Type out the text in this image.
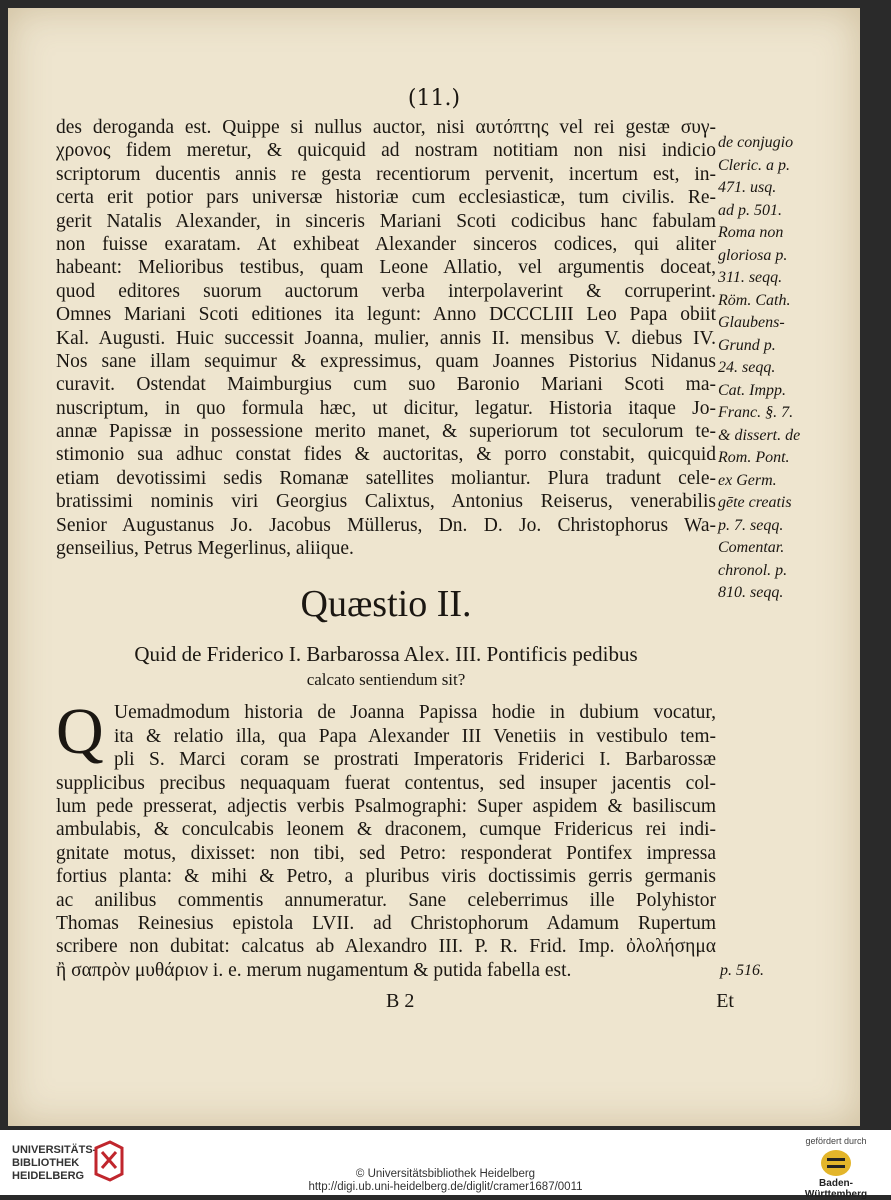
(11.)
des deroganda est. Quippe si nullus auctor, nisi αυτόπτης vel rei gestæ συγ-
χρονος fidem meretur, & quicquid ad nostram notitiam non nisi indicio
scriptorum ducentis annis re gesta recentiorum pervenit, incertum est, in-
certa erit potior pars universæ historiæ cum ecclesiasticæ, tum civilis. Re-
gerit Natalis Alexander, in sinceris Mariani Scoti codicibus hanc fabulam
non fuisse exaratam. At exhibeat Alexander sinceros codices, qui aliter
habeant: Melioribus testibus, quam Leone Allatio, vel argumentis doceat,
quod editores suorum auctorum verba interpolaverint & corruperint.
Omnes Mariani Scoti editiones ita legunt: Anno DCCCLIII Leo Papa obiit
Kal. Augusti. Huic successit Joanna, mulier, annis II. mensibus V. diebus IV.
Nos sane illam sequimur & expressimus, quam Joannes Pistorius Nidanus
curavit. Ostendat Maimburgius cum suo Baronio Mariani Scoti ma-
nuscriptum, in quo formula hæc, ut dicitur, legatur. Historia itaque Jo-
annæ Papissæ in possessione merito manet, & superiorum tot seculorum te-
stimonio sua adhuc constat fides & auctoritas, & porro constabit, quicquid
etiam devotissimi sedis Romanæ satellites moliantur. Plura tradunt cele-
bratissimi nominis viri Georgius Calixtus, Antonius Reiserus, venerabilis
Senior Augustanus Jo. Jacobus Müllerus, Dn. D. Jo. Christophorus Wa-
genseilius, Petrus Megerlinus, aliique.
Quæstio II.
Quid de Friderico I. Barbarossa Alex. III. Pontificis pedibus
calcato sentiendum sit?
Q Uemadmodum historia de Joanna Papissa hodie in dubium vocatur,
ita & relatio illa, qua Papa Alexander III Venetiis in vestibulo tem-
pli S. Marci coram se prostrati Imperatoris Friderici I. Barbarossæ
supplicibus precibus nequaquam fuerat contentus, sed insuper jacentis col-
lum pede presserat, adjectis verbis Psalmographi: Super aspidem & basiliscum
ambulabis, & conculcabis leonem & draconem, cumque Fridericus rei indi-
gnitate motus, dixisset: non tibi, sed Petro: responderat Pontifex impressa
fortius planta: & mihi & Petro, a pluribus viris doctissimis gerris germanis
ac anilibus commentis annumeratur. Sane celeberrimus ille Polyhistor
Thomas Reinesius epistola LVII. ad Christophorum Adamum Rupertum
scribere non dubitat: calcatus ab Alexandro III. P. R. Frid. Imp. ὀλολήσημα
ἢ σαπρὸν μυθάριον i. e. merum nugamentum & putida fabella est.
de conjugio
Cleric. a p.
471. usq.
ad p. 501.
Roma non
gloriosa p.
311. seqq.
Röm. Cath.
Glaubens-
Grund p.
24. seqq.
Cat. Impp.
Franc. §. 7.
& dissert. de
Rom. Pont.
ex Germ.
gēte creatis
p. 7. seqq.
Comentar.
chronol. p.
810. seqq.
p. 516.
B 2	Et
UNIVERSITÄTS-
BIBLIOTHEK
HEIDELBERG	© Universitätsbibliothek Heidelberg
http://digi.ub.uni-heidelberg.de/diglit/cramer1687/0011
gefördert durch
Baden-Württemberg
